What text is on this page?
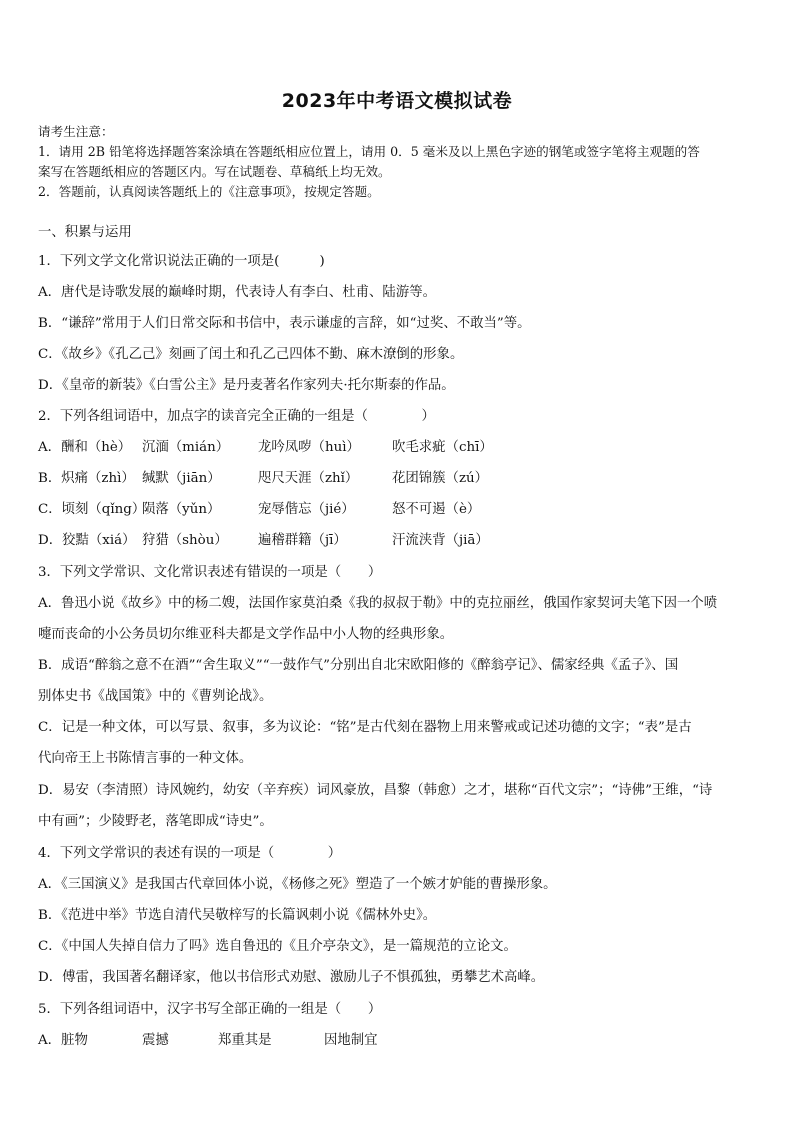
2023年中考语文模拟试卷
请考生注意：
1．请用 2B 铅笔将选择题答案涂填在答题纸相应位置上，请用 0．5 毫米及以上黑色字迹的钢笔或签字笔将主观题的答
案写在答题纸相应的答题区内。写在试题卷、草稿纸上均无效。
2．答题前，认真阅读答题纸上的《注意事项》，按规定答题。
一、积累与运用
1．下列文学文化常识说法正确的一项是(　　　)
A．唐代是诗歌发展的巅峰时期，代表诗人有李白、杜甫、陆游等。
B．“谦辞”常用于人们日常交际和书信中，表示谦虚的言辞，如“过奖、不敢当”等。
C．《故乡》《孔乙己》刻画了闰土和孔乙己四体不勤、麻木潦倒的形象。
D．《皇帝的新装》《白雪公主》是丹麦著名作家列夫·托尔斯泰的作品。
2．下列各组词语中，加点字的读音完全正确的一组是（　　　　）
A．酬和（hè） 沉湎（mián） 龙吟凤哕（huì） 吹毛求疵（chī）
B．炽痛（zhì） 缄默（jiān）	咫尺天涯（zhǐ）	花团锦簇（zú）
C．顷刻（qǐng）陨落（yǔn）	宠辱偕忘（jié）	怒不可遏（è）
D．狡黠（xiá） 狩猎（shòu） 遍稽群籍（jī）	汗流浃背（jiā）
3．下列文学常识、文化常识表述有错误的一项是（　　）
A．鲁迅小说《故乡》中的杨二嫂，法国作家莫泊桑《我的叔叔于勒》中的克拉丽丝，俄国作家契诃夫笔下因一个喷
嚏而丧命的小公务员切尔维亚科夫都是文学作品中小人物的经典形象。
B．成语“醉翁之意不在酒”“舍生取义”“一鼓作气”分别出自北宋欧阳修的《醉翁亭记》、儒家经典《孟子》、国
别体史书《战国策》中的《曹刿论战》。
C．记是一种文体，可以写景、叙事，多为议论：“铭”是古代刻在器物上用来警戒或记述功德的文字；“表”是古
代向帝王上书陈情言事的一种文体。
D．易安（李清照）诗风婉约，幼安（辛弃疾）词风豪放，昌黎（韩愈）之才，堪称“百代文宗”；“诗佛”王维，“诗
中有画”；少陵野老，落笔即成“诗史”。
4．下列文学常识的表述有误的一项是（　　　　）
A．《三国演义》是我国古代章回体小说，《杨修之死》塑造了一个嫉才妒能的曹操形象。
B．《范进中举》节选自清代吴敬梓写的长篇讽刺小说《儒林外史》。
C．《中国人失掉自信力了吗》选自鲁迅的《且介亭杂文》，是一篇规范的立论文。
D．傅雷，我国著名翻译家，他以书信形式劝慰、激励儿子不惧孤独，勇攀艺术高峰。
5．下列各组词语中，汉字书写全部正确的一组是（　　）
A．脏物	震撼	郑重其是	因地制宜
